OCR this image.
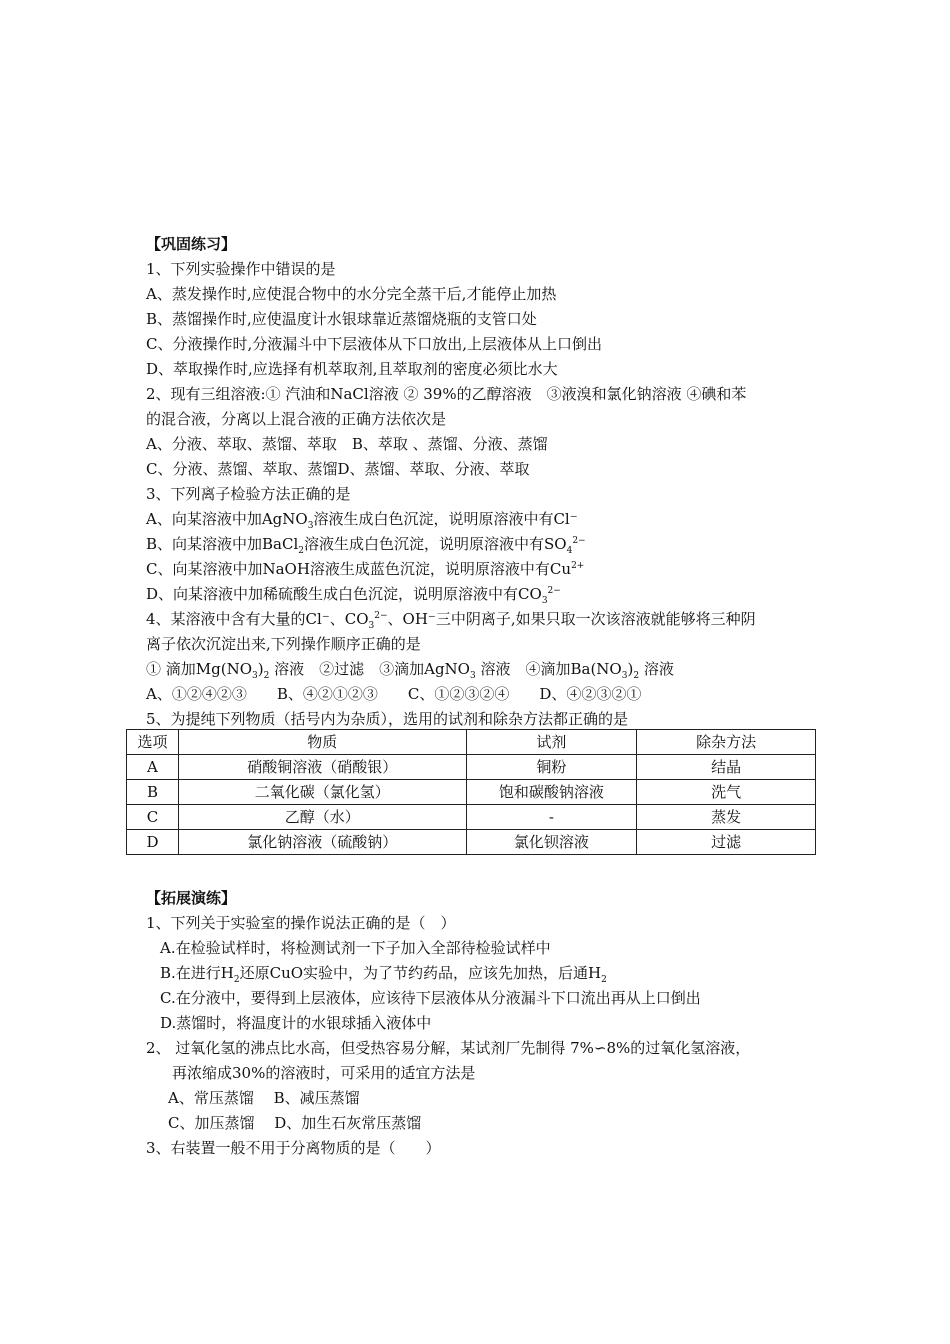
【巩固练习】
1、下列实验操作中错误的是
A、蒸发操作时,应使混合物中的水分完全蒸干后,才能停止加热
B、蒸馏操作时,应使温度计水银球靠近蒸馏烧瓶的支管口处
C、分液操作时,分液漏斗中下层液体从下口放出,上层液体从上口倒出
D、萃取操作时,应选择有机萃取剂,且萃取剂的密度必须比水大
2、现有三组溶液:① 汽油和NaCl溶液 ② 39%的乙醇溶液　③液溴和氯化钠溶液 ④碘和苯
的混合液，分离以上混合液的正确方法依次是
A、分液、萃取、蒸馏、萃取　B、萃取 、蒸馏、分液、蒸馏
C、分液、蒸馏、萃取、蒸馏D、蒸馏、萃取、分液、萃取
3、下列离子检验方法正确的是
A、向某溶液中加AgNO$_3$溶液生成白色沉淀，说明原溶液中有Cl⁻
B、向某溶液中加BaCl$_2$溶液生成白色沉淀，说明原溶液中有$SO_4^{2-}$
C、向某溶液中加NaOH溶液生成蓝色沉淀，说明原溶液中有$Cu^{2+}$
D、向某溶液中加稀硫酸生成白色沉淀，说明原溶液中有$CO_3^{2-}$
4、某溶液中含有大量的Cl⁻、$CO_3^{2-}$、OH⁻三中阴离子,如果只取一次该溶液就能够将三种阴
离子依次沉淀出来,下列操作顺序正确的是
① 滴加$Mg(NO_3)_2$ 溶液　②过滤　③滴加AgNO$_3$ 溶液　④滴加$Ba(NO_3)_2$ 溶液
A、①②④②③　　B、④②①②③　　C、①②③②④　　D、④②③②①
5、为提纯下列物质（括号内为杂质），选用的试剂和除杂方法都正确的是
选项	物质	试剂	除杂方法
A	硝酸铜溶液（硝酸银）	铜粉	结晶
B	二氧化碳（氯化氢）	饱和碳酸钠溶液	洗气
C	乙醇（水）	-	蒸发
D	氯化钠溶液（硫酸钠）	氯化钡溶液	过滤
【拓展演练】
1、下列关于实验室的操作说法正确的是（　）
A.在检验试样时，将检测试剂一下子加入全部待检验试样中
B.在进行$H_2$还原CuO实验中，为了节约药品，应该先加热，后通$H_2$
C.在分液中，要得到上层液体，应该待下层液体从分液漏斗下口流出再从上口倒出
D.蒸馏时，将温度计的水银球插入液体中
2、 过氧化氢的沸点比水高，但受热容易分解，某试剂厂先制得 7%∽8%的过氧化氢溶液，
再浓缩成30%的溶液时，可采用的适宜方法是
A、常压蒸馏　 B、减压蒸馏
C、加压蒸馏　 D、加生石灰常压蒸馏
3、右装置一般不用于分离物质的是（　　）
